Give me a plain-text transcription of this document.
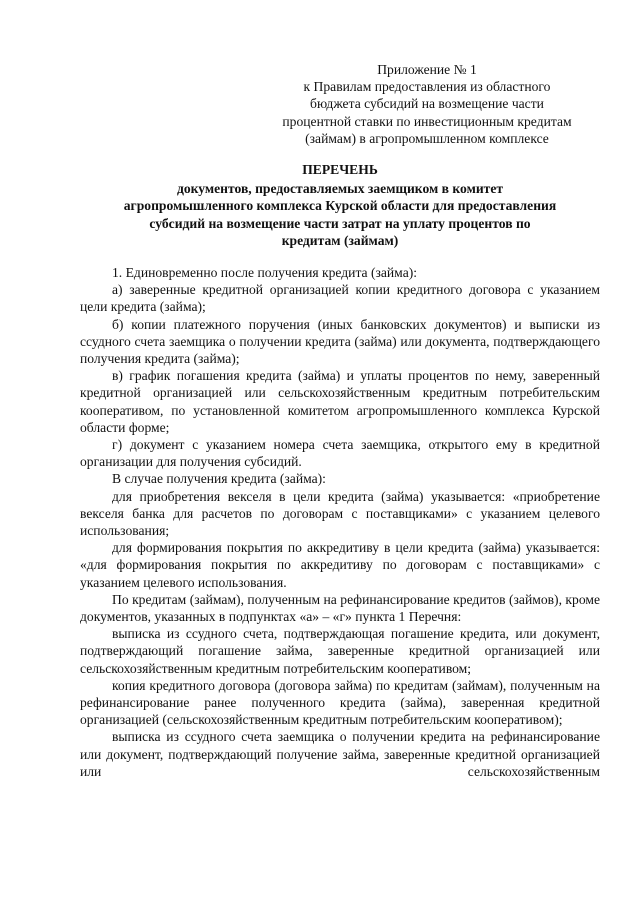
Приложение № 1
к Правилам предоставления из областного
бюджета субсидий на возмещение части
процентной ставки по инвестиционным кредитам
(займам) в агропромышленном комплексе
ПЕРЕЧЕНЬ
документов, предоставляемых заемщиком в комитет
агропромышленного комплекса Курской области для предоставления
субсидий на возмещение части затрат на уплату процентов по
кредитам (займам)
1. Единовременно после получения кредита (займа):
а) заверенные кредитной организацией копии кредитного договора с указанием цели кредита (займа);
б) копии платежного поручения (иных банковских документов) и выписки из ссудного счета заемщика о получении кредита (займа) или документа, подтверждающего получения кредита (займа);
в) график погашения кредита (займа) и уплаты процентов по нему, заверенный кредитной организацией или сельскохозяйственным кредитным потребительским кооперативом, по установленной комитетом агропромышленного комплекса Курской области форме;
г) документ с указанием номера счета заемщика, открытого ему в кредитной организации для получения субсидий.
В случае получения кредита (займа):
для приобретения векселя в цели кредита (займа) указывается: «приобретение векселя банка для расчетов по договорам с поставщиками» с указанием целевого использования;
для формирования покрытия по аккредитиву в цели кредита (займа) указывается: «для формирования покрытия по аккредитиву по договорам с поставщиками» с указанием целевого использования.
По кредитам (займам), полученным на рефинансирование кредитов (займов), кроме документов, указанных в подпунктах «а» – «г» пункта 1 Перечня:
выписка из ссудного счета, подтверждающая погашение кредита, или документ, подтверждающий погашение займа, заверенные кредитной организацией или сельскохозяйственным кредитным потребительским кооперативом;
копия кредитного договора (договора займа) по кредитам (займам), полученным на рефинансирование ранее полученного кредита (займа), заверенная кредитной организацией (сельскохозяйственным кредитным потребительским кооперативом);
выписка из ссудного счета заемщика о получении кредита на рефинансирование или документ, подтверждающий получение займа, заверенные кредитной организацией или сельскохозяйственным
